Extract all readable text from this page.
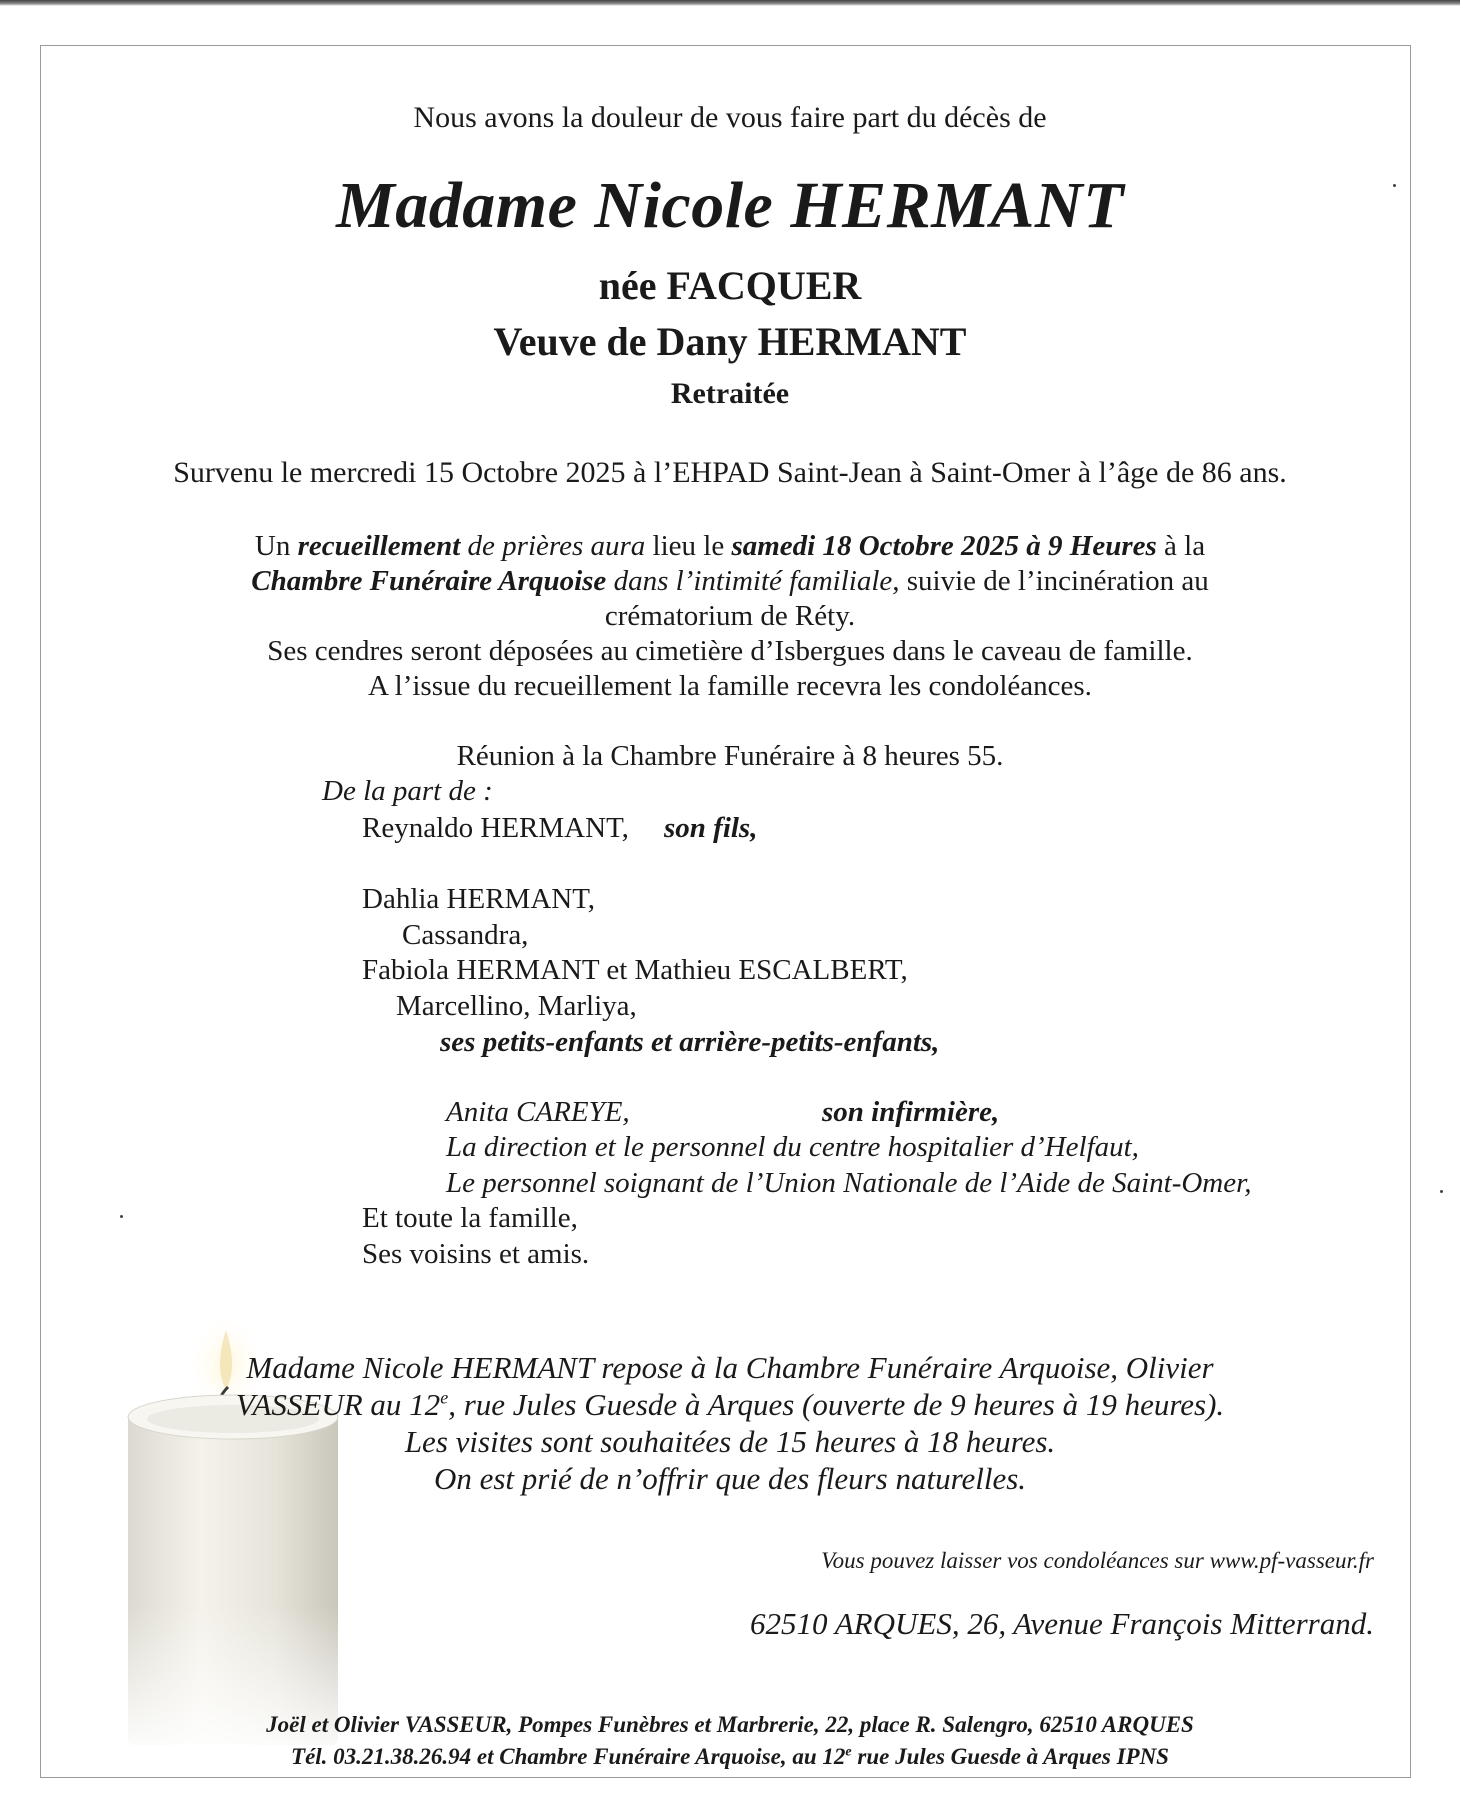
Nous avons la douleur de vous faire part du décès de
Madame Nicole HERMANT
née FACQUER
Veuve de Dany HERMANT
Retraitée
Survenu le mercredi 15 Octobre 2025 à l’EHPAD Saint-Jean à Saint-Omer à l’âge de 86 ans.
Un recueillement de prières aura lieu le samedi 18 Octobre 2025 à 9 Heures à la
Chambre Funéraire Arquoise dans l’intimité familiale, suivie de l’incinération au
crématorium de Réty.
Ses cendres seront déposées au cimetière d’Isbergues dans le caveau de famille.
A l’issue du recueillement la famille recevra les condoléances.
Réunion à la Chambre Funéraire à 8 heures 55.
De la part de :
Reynaldo HERMANT, son fils,
Dahlia HERMANT,
Cassandra,
Fabiola HERMANT et Mathieu ESCALBERT,
Marcellino, Marliya,
ses petits-enfants et arrière-petits-enfants,
Anita CAREYE,	son infirmière,
La direction et le personnel du centre hospitalier d’Helfaut,
Le personnel soignant de l’Union Nationale de l’Aide de Saint-Omer,
Et toute la famille,
Ses voisins et amis.
Madame Nicole HERMANT repose à la Chambre Funéraire Arquoise, Olivier
VASSEUR au 12e, rue Jules Guesde à Arques (ouverte de 9 heures à 19 heures).
Les visites sont souhaitées de 15 heures à 18 heures.
On est prié de n’offrir que des fleurs naturelles.
Vous pouvez laisser vos condoléances sur www.pf-vasseur.fr
62510 ARQUES, 26, Avenue François Mitterrand.
Joël et Olivier VASSEUR, Pompes Funèbres et Marbrerie, 22, place R. Salengro, 62510 ARQUES
Tél. 03.21.38.26.94 et Chambre Funéraire Arquoise, au 12e rue Jules Guesde à Arques IPNS
